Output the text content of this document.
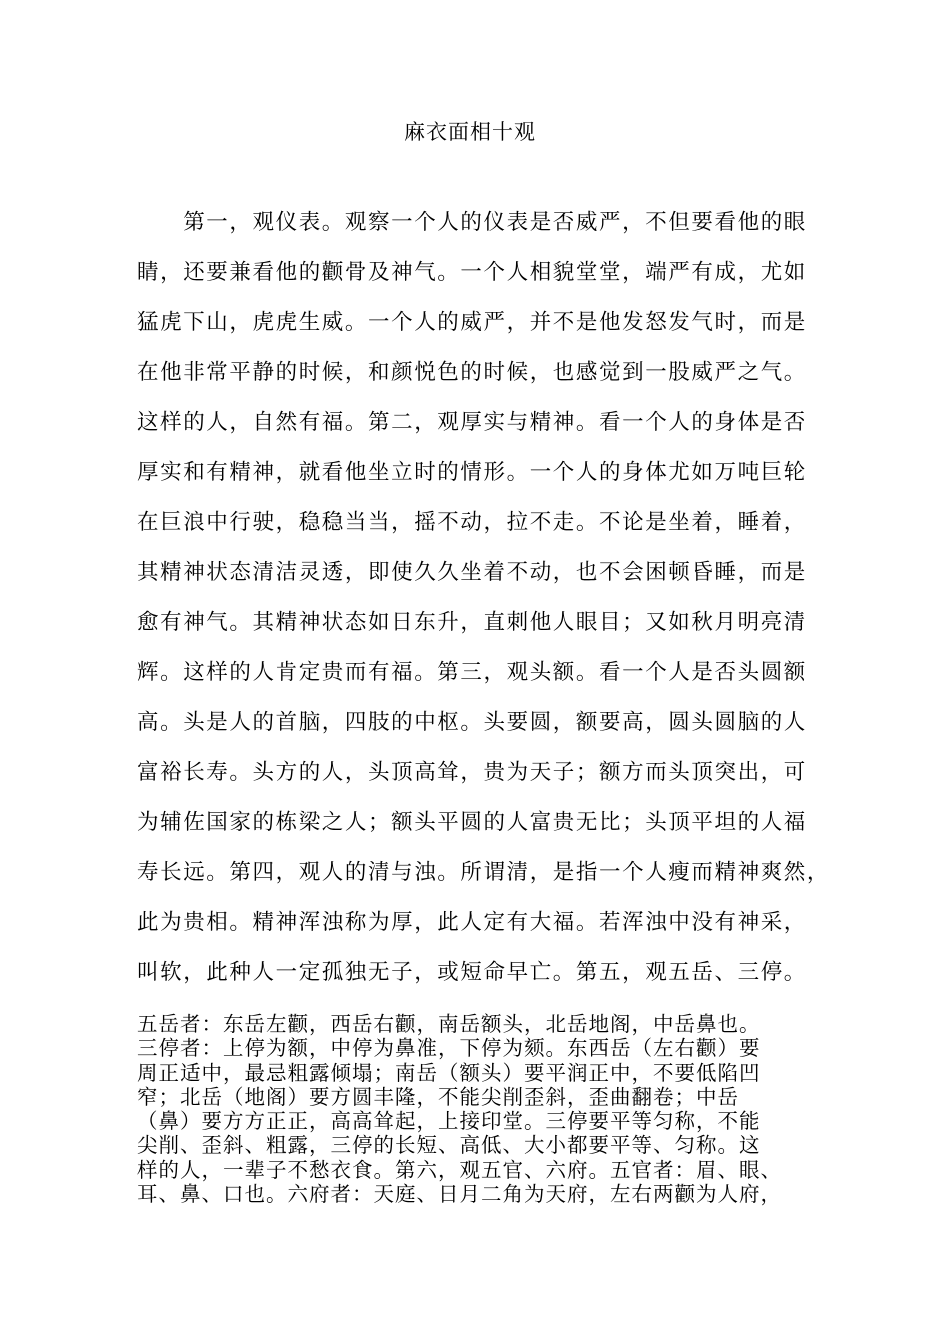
麻衣面相十观
　　第一，观仪表。观察一个人的仪表是否威严，不但要看他的眼
睛，还要兼看他的颧骨及神气。一个人相貌堂堂，端严有成，尤如
猛虎下山，虎虎生威。一个人的威严，并不是他发怒发气时，而是
在他非常平静的时候，和颜悦色的时候，也感觉到一股威严之气。
这样的人，自然有福。第二，观厚实与精神。看一个人的身体是否
厚实和有精神，就看他坐立时的情形。一个人的身体尤如万吨巨轮
在巨浪中行驶，稳稳当当，摇不动，拉不走。不论是坐着，睡着，
其精神状态清洁灵透，即使久久坐着不动，也不会困顿昏睡，而是
愈有神气。其精神状态如日东升，直刺他人眼目；又如秋月明亮清
辉。这样的人肯定贵而有福。第三，观头额。看一个人是否头圆额
高。头是人的首脑，四肢的中枢。头要圆，额要高，圆头圆脑的人
富裕长寿。头方的人，头顶高耸，贵为天子；额方而头顶突出，可
为辅佐国家的栋梁之人；额头平圆的人富贵无比；头顶平坦的人福
寿长远。第四，观人的清与浊。所谓清，是指一个人瘦而精神爽然，
此为贵相。精神浑浊称为厚，此人定有大福。若浑浊中没有神采，
叫软，此种人一定孤独无子，或短命早亡。第五，观五岳、三停。
五岳者：东岳左颧，西岳右颧，南岳额头，北岳地阁，中岳鼻也。
三停者：上停为额，中停为鼻准，下停为颏。东西岳（左右颧）要
周正适中，最忌粗露倾塌；南岳（额头）要平润正中，不要低陷凹
窄；北岳（地阁）要方圆丰隆，不能尖削歪斜，歪曲翻卷；中岳
（鼻）要方方正正，高高耸起，上接印堂。三停要平等匀称，不能
尖削、歪斜、粗露，三停的长短、高低、大小都要平等、匀称。这
样的人，一辈子不愁衣食。第六，观五官、六府。五官者：眉、眼、
耳、鼻、口也。六府者：天庭、日月二角为天府，左右两颧为人府，
